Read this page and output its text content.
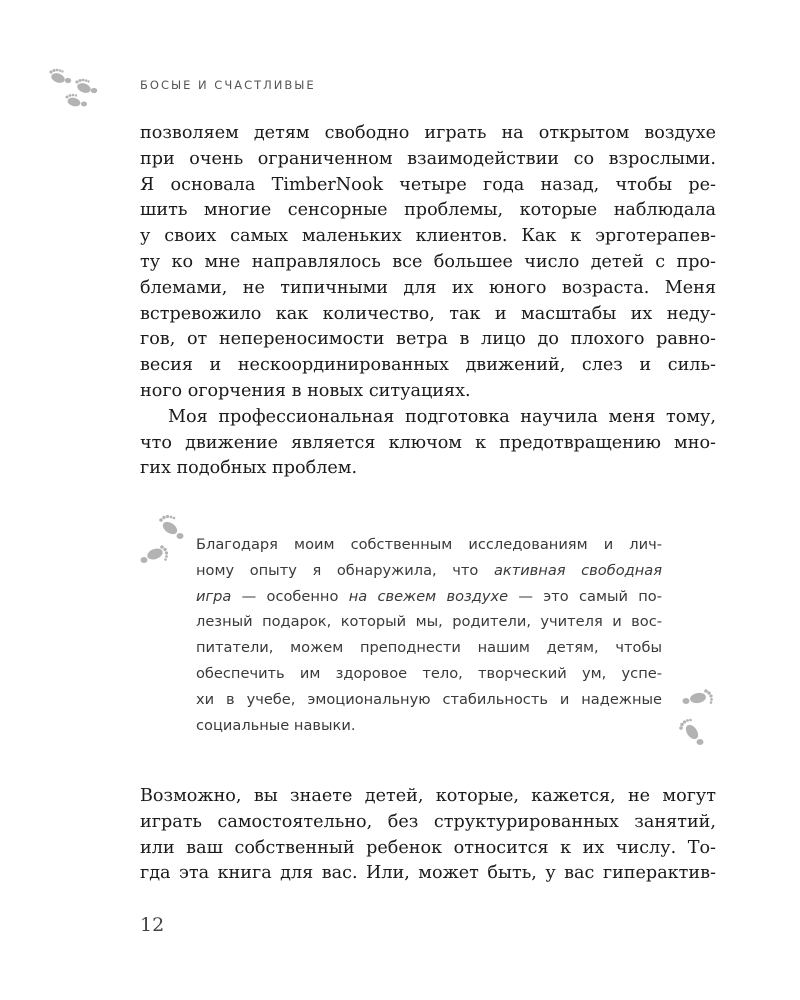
БОСЫЕ И СЧАСТЛИВЫЕ
позволяем детям свободно играть на открытом воздухе
при очень ограниченном взаимодействии со взрослыми.
Я основала TimberNook четыре года назад, чтобы ре-
шить многие сенсорные проблемы, которые наблюдала
у своих самых маленьких клиентов. Как к эрготерапев-
ту ко мне направлялось все большее число детей с про-
блемами, не типичными для их юного возраста. Меня
встревожило как количество, так и масштабы их неду-
гов, от непереносимости ветра в лицо до плохого равно-
весия и нескоординированных движений, слез и силь-
ного огорчения в новых ситуациях.
Моя профессиональная подготовка научила меня тому,
что движение является ключом к предотвращению мно-
гих подобных проблем.
Благодаря моим собственным исследованиям и лич-
ному опыту я обнаружила, что активная свободная
игра — особенно на свежем воздухе — это самый по-
лезный подарок, который мы, родители, учителя и вос-
питатели, можем преподнести нашим детям, чтобы
обеспечить им здоровое тело, творческий ум, успе-
хи в учебе, эмоциональную стабильность и надежные
социальные навыки.
Возможно, вы знаете детей, которые, кажется, не могут
играть самостоятельно, без структурированных занятий,
или ваш собственный ребенок относится к их числу. То-
гда эта книга для вас. Или, может быть, у вас гиперактив-
12
